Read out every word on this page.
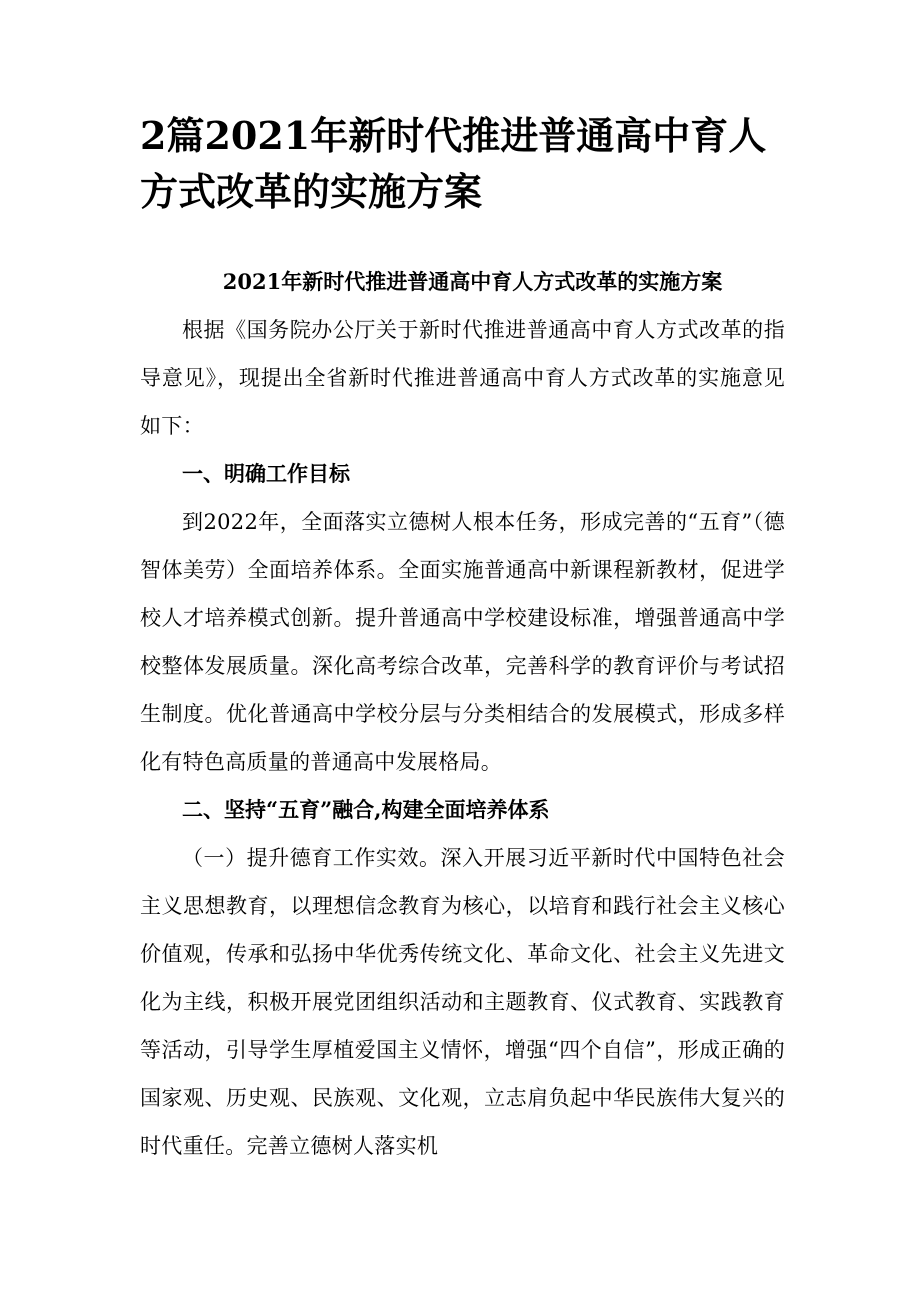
2篇2021年新时代推进普通高中育人方式改革的实施方案

2021年新时代推进普通高中育人方式改革的实施方案

根据《国务院办公厅关于新时代推进普通高中育人方式改革的指导意见》，现提出全省新时代推进普通高中育人方式改革的实施意见如下：

一、明确工作目标

到2022年，全面落实立德树人根本任务，形成完善的“五育”（德智体美劳）全面培养体系。全面实施普通高中新课程新教材，促进学校人才培养模式创新。提升普通高中学校建设标准，增强普通高中学校整体发展质量。深化高考综合改革，完善科学的教育评价与考试招生制度。优化普通高中学校分层与分类相结合的发展模式，形成多样化有特色高质量的普通高中发展格局。

二、坚持“五育”融合,构建全面培养体系

（一）提升德育工作实效。深入开展习近平新时代中国特色社会主义思想教育，以理想信念教育为核心，以培育和践行社会主义核心价值观，传承和弘扬中华优秀传统文化、革命文化、社会主义先进文化为主线，积极开展党团组织活动和主题教育、仪式教育、实践教育等活动，引导学生厚植爱国主义情怀，增强“四个自信”，形成正确的国家观、历史观、民族观、文化观，立志肩负起中华民族伟大复兴的时代重任。完善立德树人落实机
